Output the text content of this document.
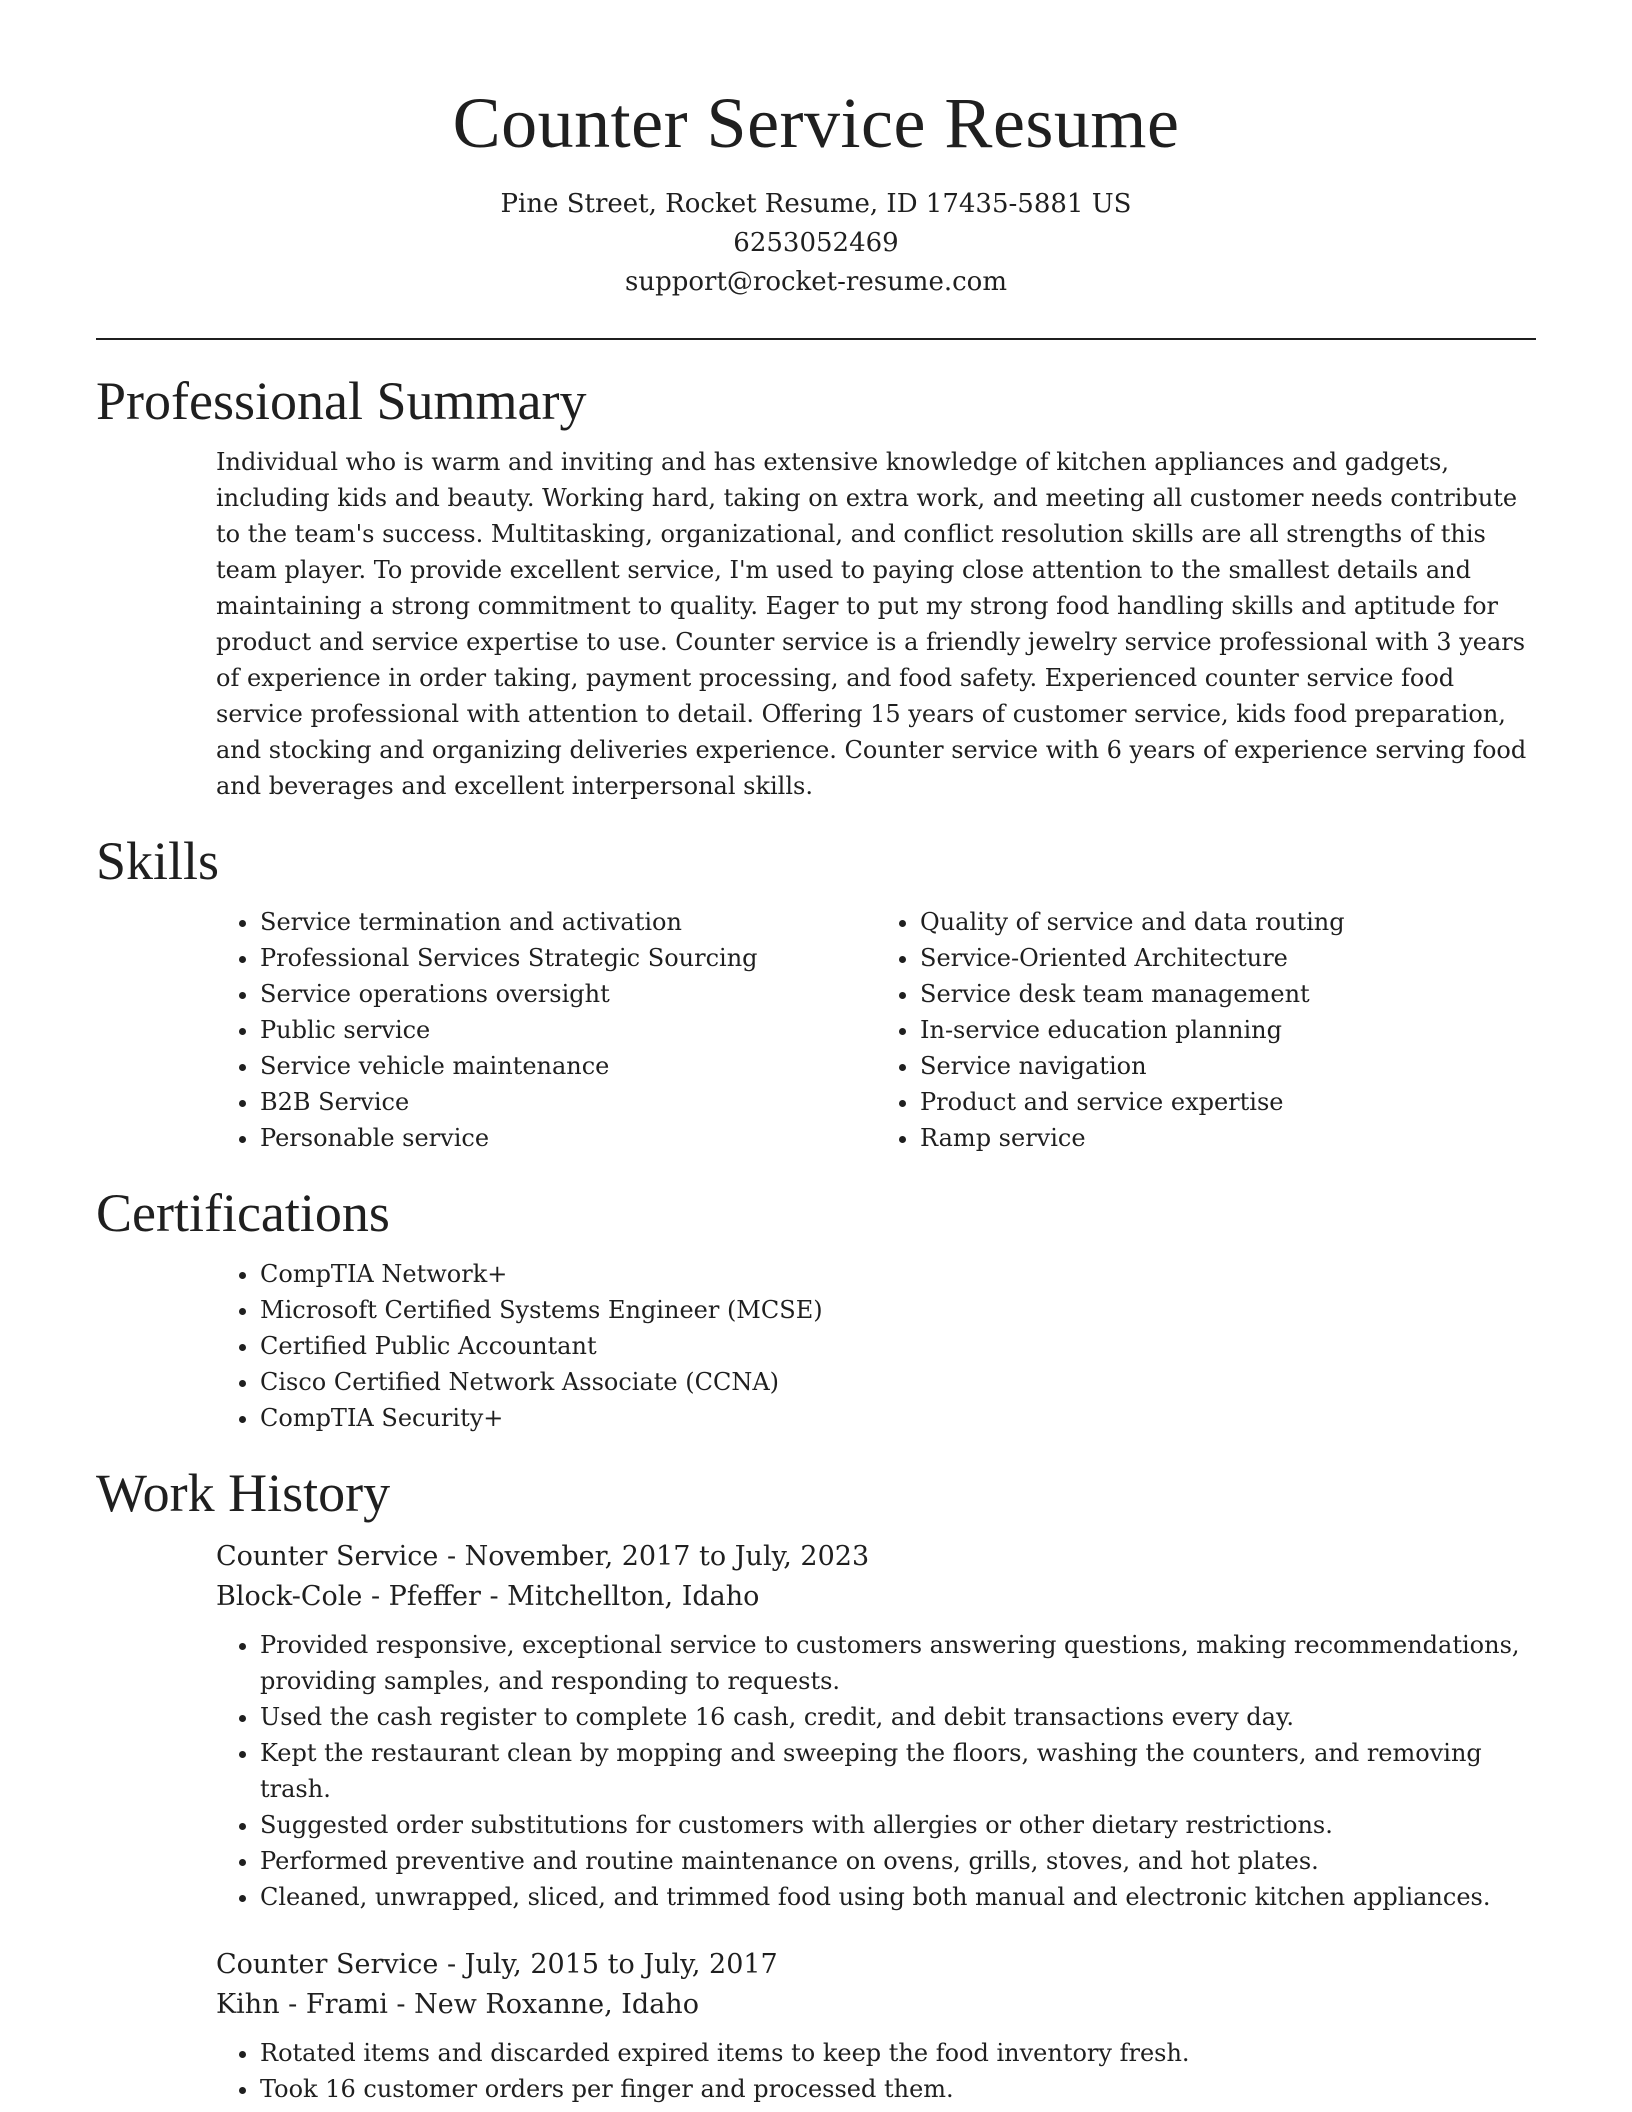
Counter Service Resume

Pine Street, Rocket Resume, ID 17435-5881 US

6253052469

support@rocket-resume.com

Professional Summary

Individual who is warm and inviting and has extensive knowledge of kitchen appliances and gadgets, including kids and beauty. Working hard, taking on extra work, and meeting all customer needs contribute to the team's success. Multitasking, organizational, and conflict resolution skills are all strengths of this team player. To provide excellent service, I'm used to paying close attention to the smallest details and maintaining a strong commitment to quality. Eager to put my strong food handling skills and aptitude for product and service expertise to use. Counter service is a friendly jewelry service professional with 3 years of experience in order taking, payment processing, and food safety. Experienced counter service food service professional with attention to detail. Offering 15 years of customer service, kids food preparation, and stocking and organizing deliveries experience. Counter service with 6 years of experience serving food and beverages and excellent interpersonal skills.

Skills
• Service termination and activation
• Professional Services Strategic Sourcing
• Service operations oversight
• Public service
• Service vehicle maintenance
• B2B Service
• Personable service
• Quality of service and data routing
• Service-Oriented Architecture
• Service desk team management
• In-service education planning
• Service navigation
• Product and service expertise
• Ramp service
Certifications
• CompTIA Network+
• Microsoft Certified Systems Engineer (MCSE)
• Certified Public Accountant
• Cisco Certified Network Associate (CCNA)
• CompTIA Security+
Work History

Counter Service - November, 2017 to July, 2023

Block-Cole - Pfeffer - Mitchellton, Idaho

• Provided responsive, exceptional service to customers answering questions, making recommendations, providing samples, and responding to requests.
• Used the cash register to complete 16 cash, credit, and debit transactions every day.
• Kept the restaurant clean by mopping and sweeping the floors, washing the counters, and removing trash.
• Suggested order substitutions for customers with allergies or other dietary restrictions.
• Performed preventive and routine maintenance on ovens, grills, stoves, and hot plates.
• Cleaned, unwrapped, sliced, and trimmed food using both manual and electronic kitchen appliances.

Counter Service - July, 2015 to July, 2017

Kihn - Frami - New Roxanne, Idaho

• Rotated items and discarded expired items to keep the food inventory fresh.
• Took 16 customer orders per finger and processed them.
